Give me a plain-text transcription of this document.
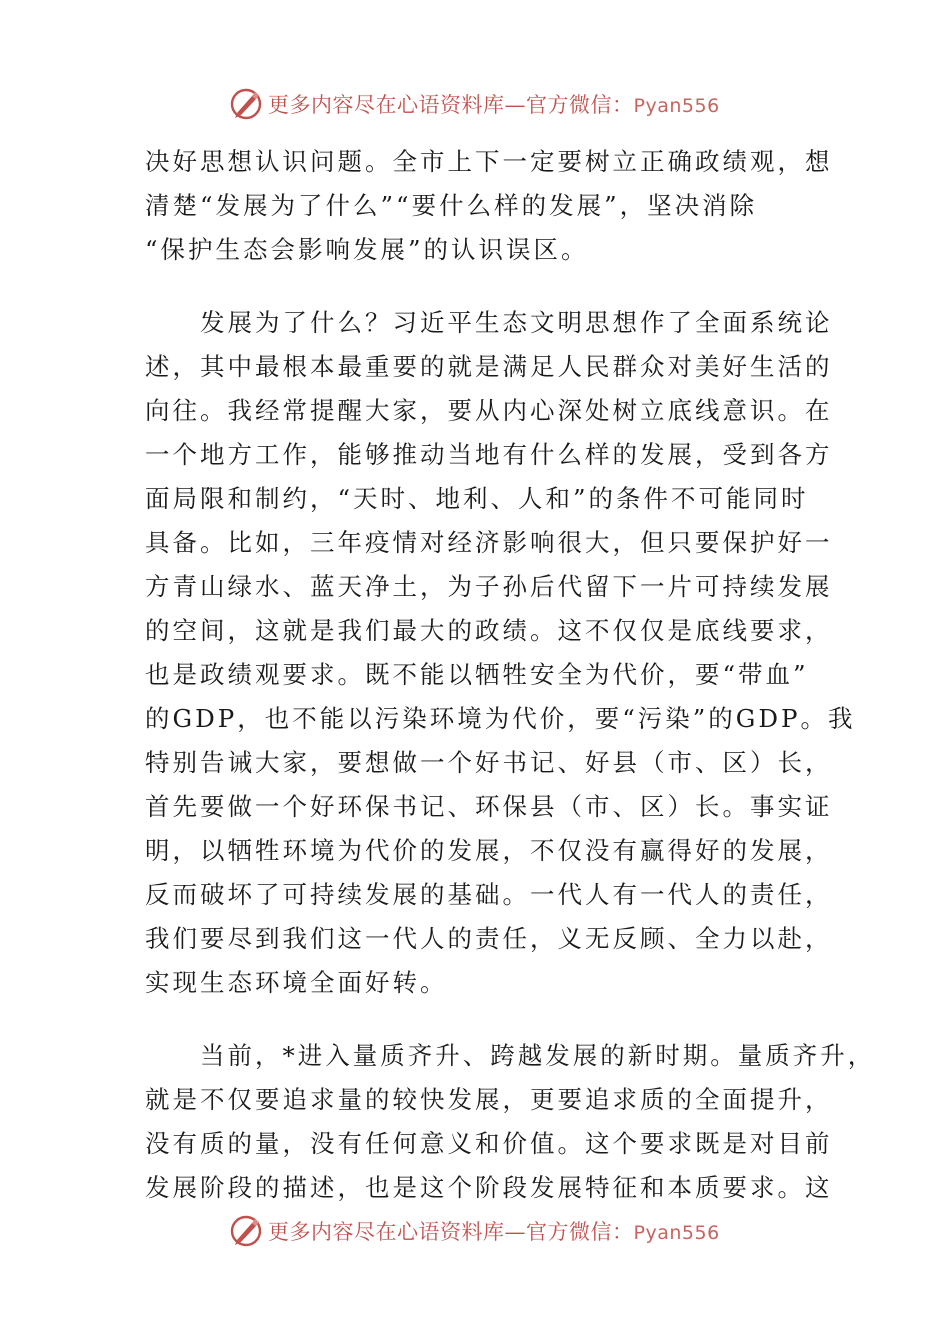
更多内容尽在心语资料库—官方微信：Pyan556
决好思想认识问题。全市上下一定要树立正确政绩观，想
清楚“发展为了什么”“要什么样的发展”，坚决消除
“保护生态会影响发展”的认识误区。
　　发展为了什么？习近平生态文明思想作了全面系统论
述，其中最根本最重要的就是满足人民群众对美好生活的
向往。我经常提醒大家，要从内心深处树立底线意识。在
一个地方工作，能够推动当地有什么样的发展，受到各方
面局限和制约，“天时、地利、人和”的条件不可能同时
具备。比如，三年疫情对经济影响很大，但只要保护好一
方青山绿水、蓝天净土，为子孙后代留下一片可持续发展
的空间，这就是我们最大的政绩。这不仅仅是底线要求，
也是政绩观要求。既不能以牺牲安全为代价，要“带血”
的GDP，也不能以污染环境为代价，要“污染”的GDP。我
特别告诫大家，要想做一个好书记、好县（市、区）长，
首先要做一个好环保书记、环保县（市、区）长。事实证
明，以牺牲环境为代价的发展，不仅没有赢得好的发展，
反而破坏了可持续发展的基础。一代人有一代人的责任，
我们要尽到我们这一代人的责任，义无反顾、全力以赴，
实现生态环境全面好转。
　　当前，*进入量质齐升、跨越发展的新时期。量质齐升，
就是不仅要追求量的较快发展，更要追求质的全面提升，
没有质的量，没有任何意义和价值。这个要求既是对目前
发展阶段的描述，也是这个阶段发展特征和本质要求。这
更多内容尽在心语资料库—官方微信：Pyan556
